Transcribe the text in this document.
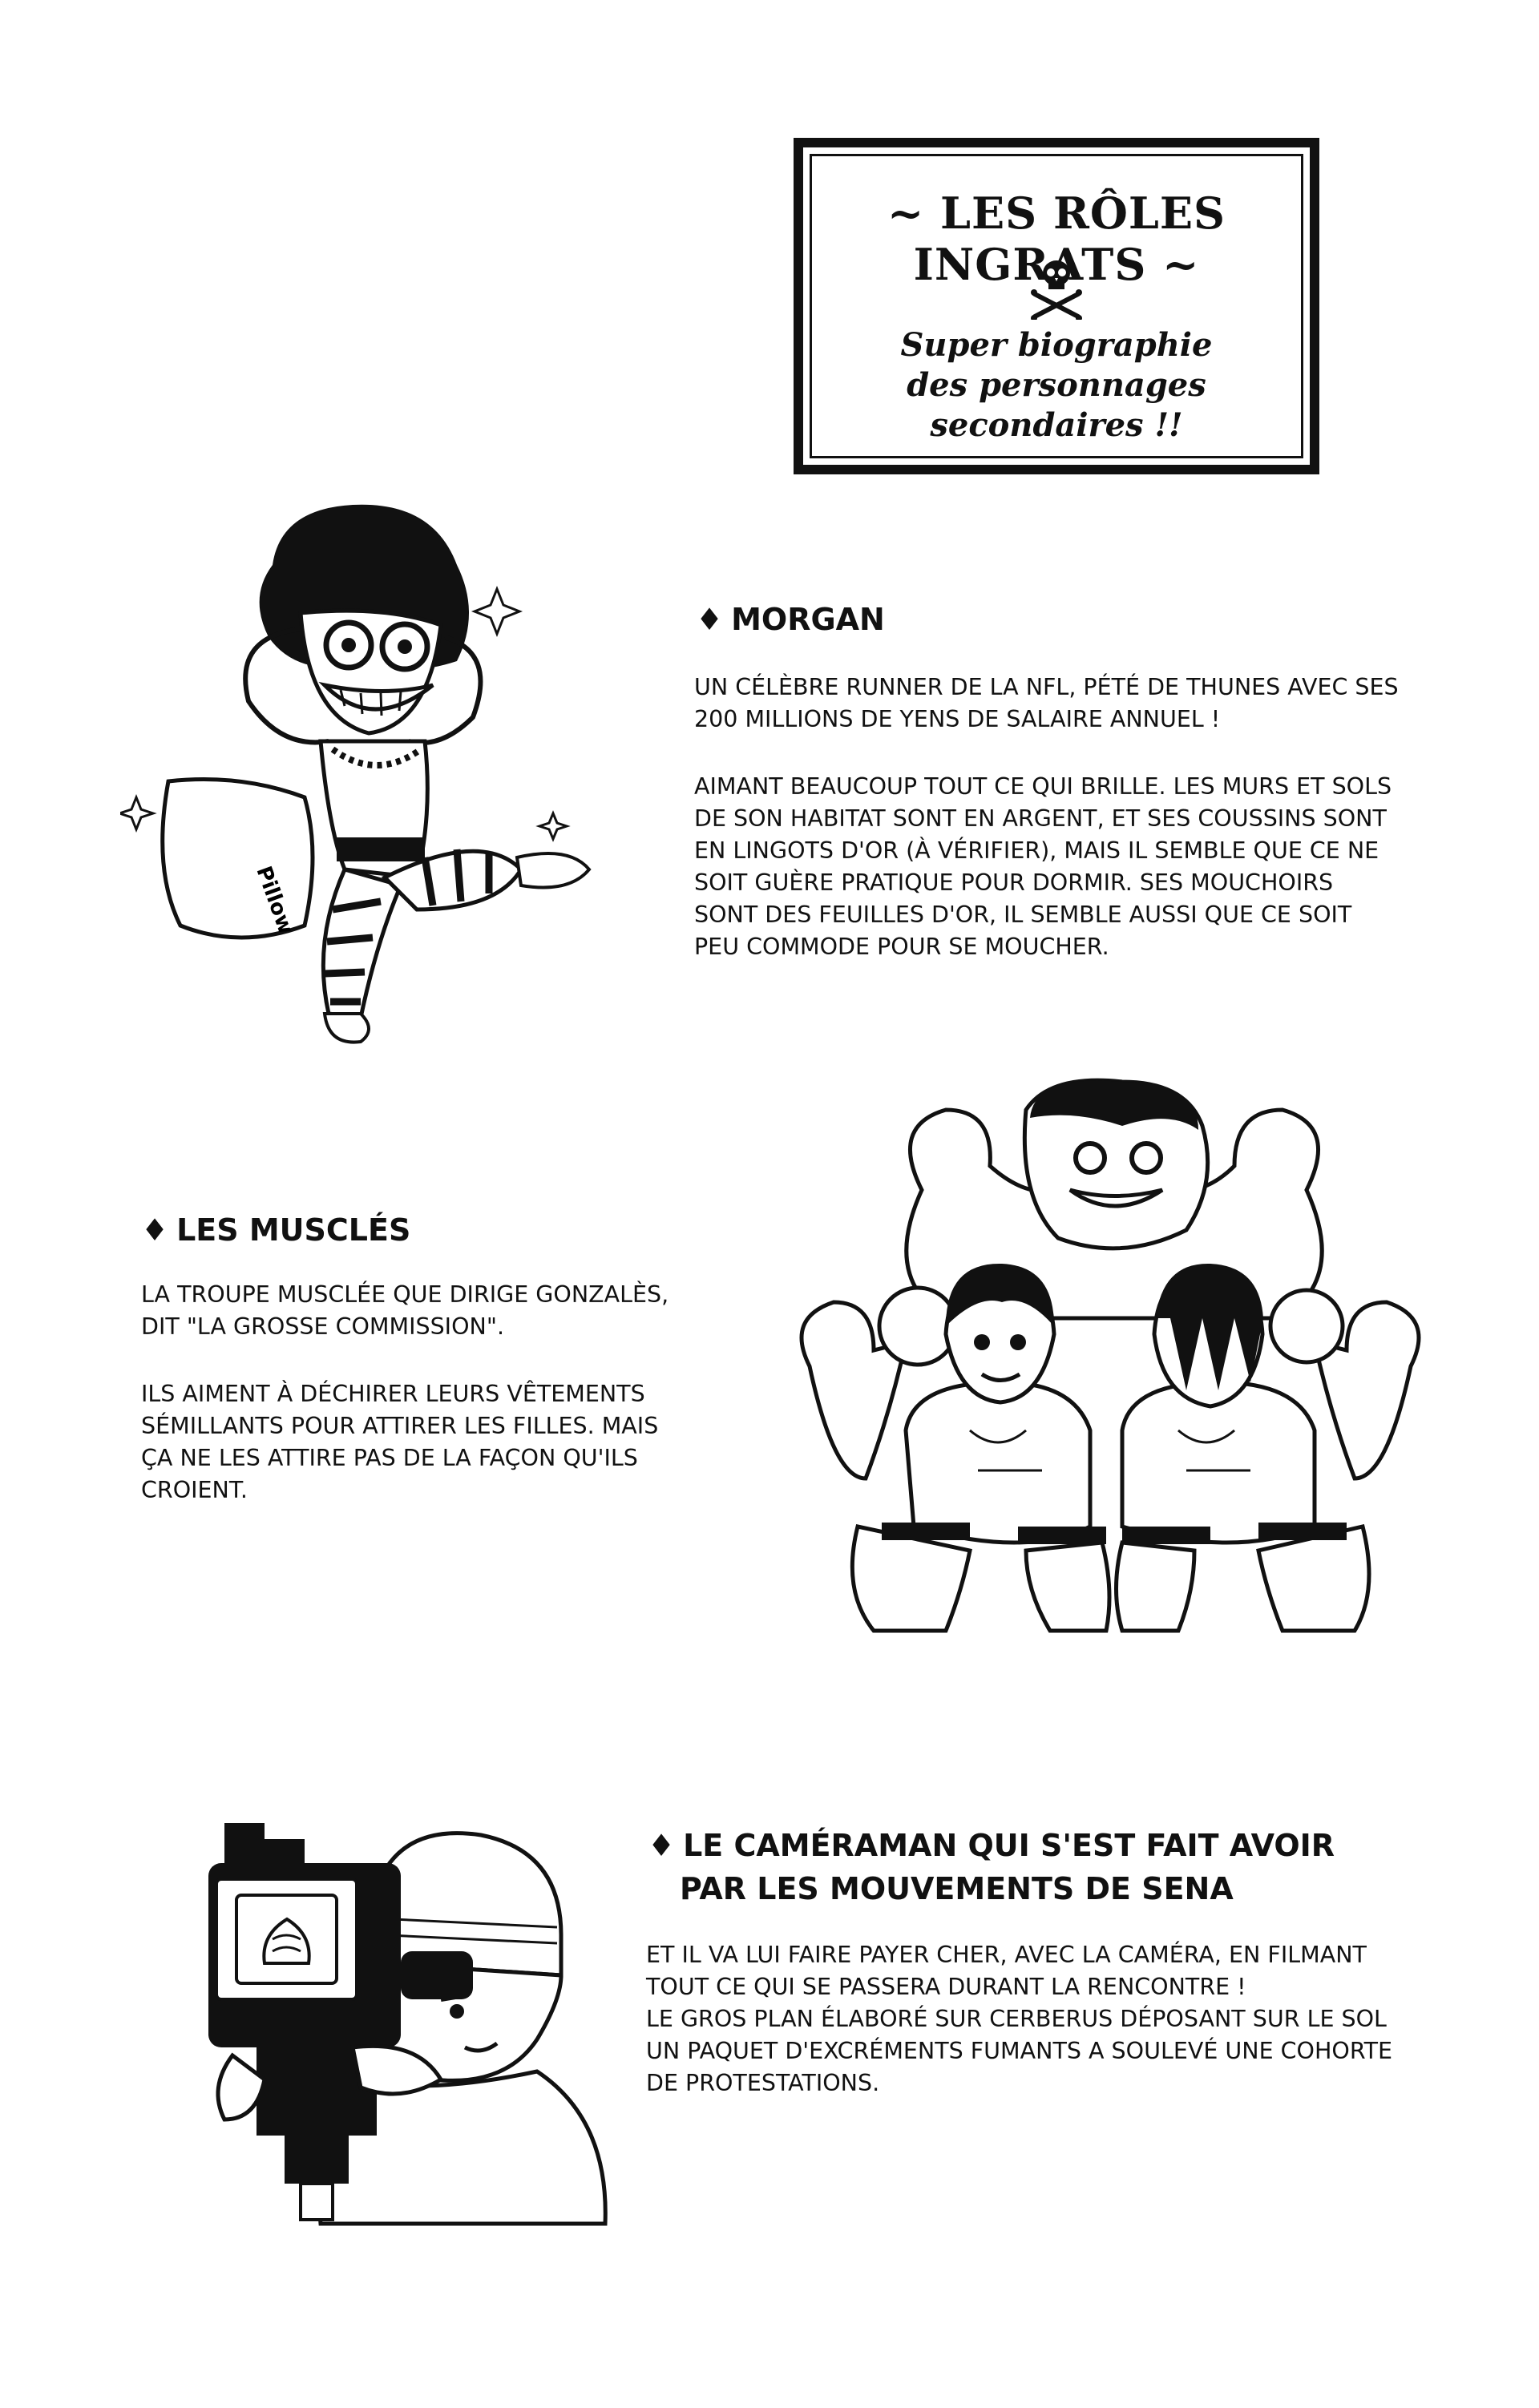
~ LES RÔLES INGRATS ~
Super biographie
des personnages
secondaires !!
Pillow
♦ MORGAN
UN CÉLÈBRE RUNNER DE LA NFL, PÉTÉ DE THUNES AVEC SES
200 MILLIONS DE YENS DE SALAIRE ANNUEL !
AIMANT BEAUCOUP TOUT CE QUI BRILLE. LES MURS ET SOLS
DE SON HABITAT SONT EN ARGENT, ET SES COUSSINS SONT
EN LINGOTS D'OR (À VÉRIFIER), MAIS IL SEMBLE QUE CE NE
SOIT GUÈRE PRATIQUE POUR DORMIR. SES MOUCHOIRS
SONT DES FEUILLES D'OR, IL SEMBLE AUSSI QUE CE SOIT
PEU COMMODE POUR SE MOUCHER.
♦ LES MUSCLÉS
LA TROUPE MUSCLÉE QUE DIRIGE GONZALÈS,
DIT "LA GROSSE COMMISSION".
ILS AIMENT À DÉCHIRER LEURS VÊTEMENTS
SÉMILLANTS POUR ATTIRER LES FILLES. MAIS
ÇA NE LES ATTIRE PAS DE LA FAÇON QU'ILS
CROIENT.
♦ LE CAMÉRAMAN QUI S'EST FAIT AVOIR
PAR LES MOUVEMENTS DE SENA
ET IL VA LUI FAIRE PAYER CHER, AVEC LA CAMÉRA, EN FILMANT
TOUT CE QUI SE PASSERA DURANT LA RENCONTRE !
LE GROS PLAN ÉLABORÉ SUR CERBERUS DÉPOSANT SUR LE SOL
UN PAQUET D'EXCRÉMENTS FUMANTS A SOULEVÉ UNE COHORTE
DE PROTESTATIONS.
